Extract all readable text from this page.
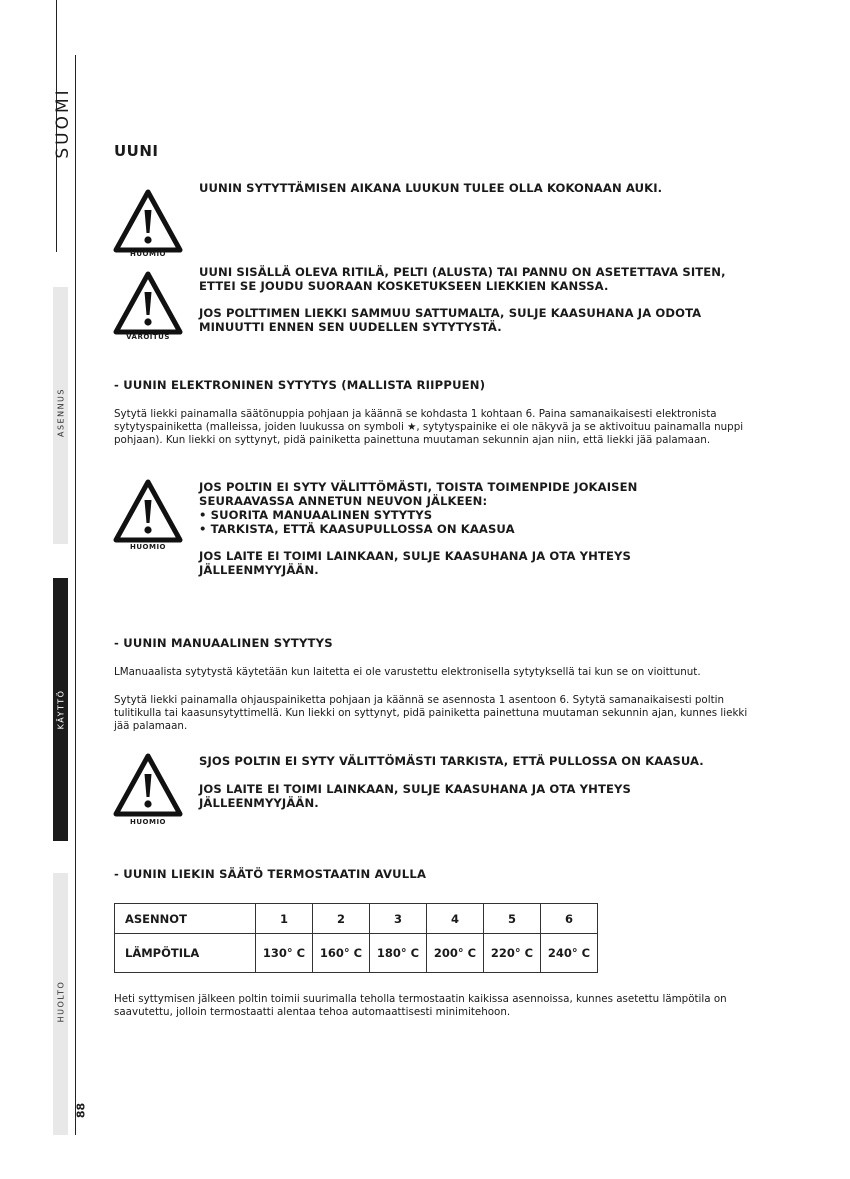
SUOMI
ASENNUS
KÄYTTÖ
HUOLTO
88
UUNI
HUOMIO
UUNIN SYTYTTÄMISEN AIKANA LUUKUN TULEE OLLA KOKONAAN AUKI.
VAROITUS
UUNI SISÄLLÄ OLEVA RITILÄ, PELTI (ALUSTA) TAI PANNU ON ASETETTAVA SITEN,
ETTEI SE JOUDU SUORAAN KOSKETUKSEEN LIEKKIEN KANSSA.
JOS POLTTIMEN LIEKKI SAMMUU SATTUMALTA, SULJE KAASUHANA JA ODOTA
MINUUTTI ENNEN SEN UUDELLEN SYTYTYSTÄ.
- UUNIN ELEKTRONINEN SYTYTYS (MALLISTA RIIPPUEN)
Sytytä liekki painamalla säätönuppia pohjaan ja käännä se kohdasta 1 kohtaan 6. Paina samanaikaisesti elektronista
sytytyspainiketta (malleissa, joiden luukussa on symboli ★, sytytyspainike ei ole näkyvä ja se aktivoituu painamalla nuppi
pohjaan). Kun liekki on syttynyt, pidä painiketta painettuna muutaman sekunnin ajan niin, että liekki jää palamaan.
HUOMIO
JOS POLTIN EI SYTY VÄLITTÖMÄSTI, TOISTA TOIMENPIDE JOKAISEN
SEURAAVASSA ANNETUN NEUVON JÄLKEEN:
• SUORITA MANUAALINEN SYTYTYS
• TARKISTA, ETTÄ KAASUPULLOSSA ON KAASUA
JOS LAITE EI TOIMI LAINKAAN, SULJE KAASUHANA JA OTA YHTEYS
JÄLLEENMYYJÄÄN.
- UUNIN MANUAALINEN SYTYTYS
LManuaalista sytytystä käytetään kun laitetta ei ole varustettu elektronisella sytytyksellä tai kun se on vioittunut.
Sytytä liekki painamalla ohjauspainiketta pohjaan ja käännä se asennosta 1 asentoon 6. Sytytä samanaikaisesti poltin
tulitikulla tai kaasunsytyttimellä. Kun liekki on syttynyt, pidä painiketta painettuna muutaman sekunnin ajan, kunnes liekki
jää palamaan.
HUOMIO
SJOS POLTIN EI SYTY VÄLITTÖMÄSTI TARKISTA, ETTÄ PULLOSSA ON KAASUA.
JOS LAITE EI TOIMI LAINKAAN, SULJE KAASUHANA JA OTA YHTEYS
JÄLLEENMYYJÄÄN.
- UUNIN LIEKIN SÄÄTÖ TERMOSTAATIN AVULLA
ASENNOT	1	2	3	4	5	6
LÄMPÖTILA	130° C	160° C	180° C	200° C	220° C	240° C
Heti syttymisen jälkeen poltin toimii suurimalla teholla termostaatin kaikissa asennoissa, kunnes asetettu lämpötila on
saavutettu, jolloin termostaatti alentaa tehoa automaattisesti minimitehoon.
